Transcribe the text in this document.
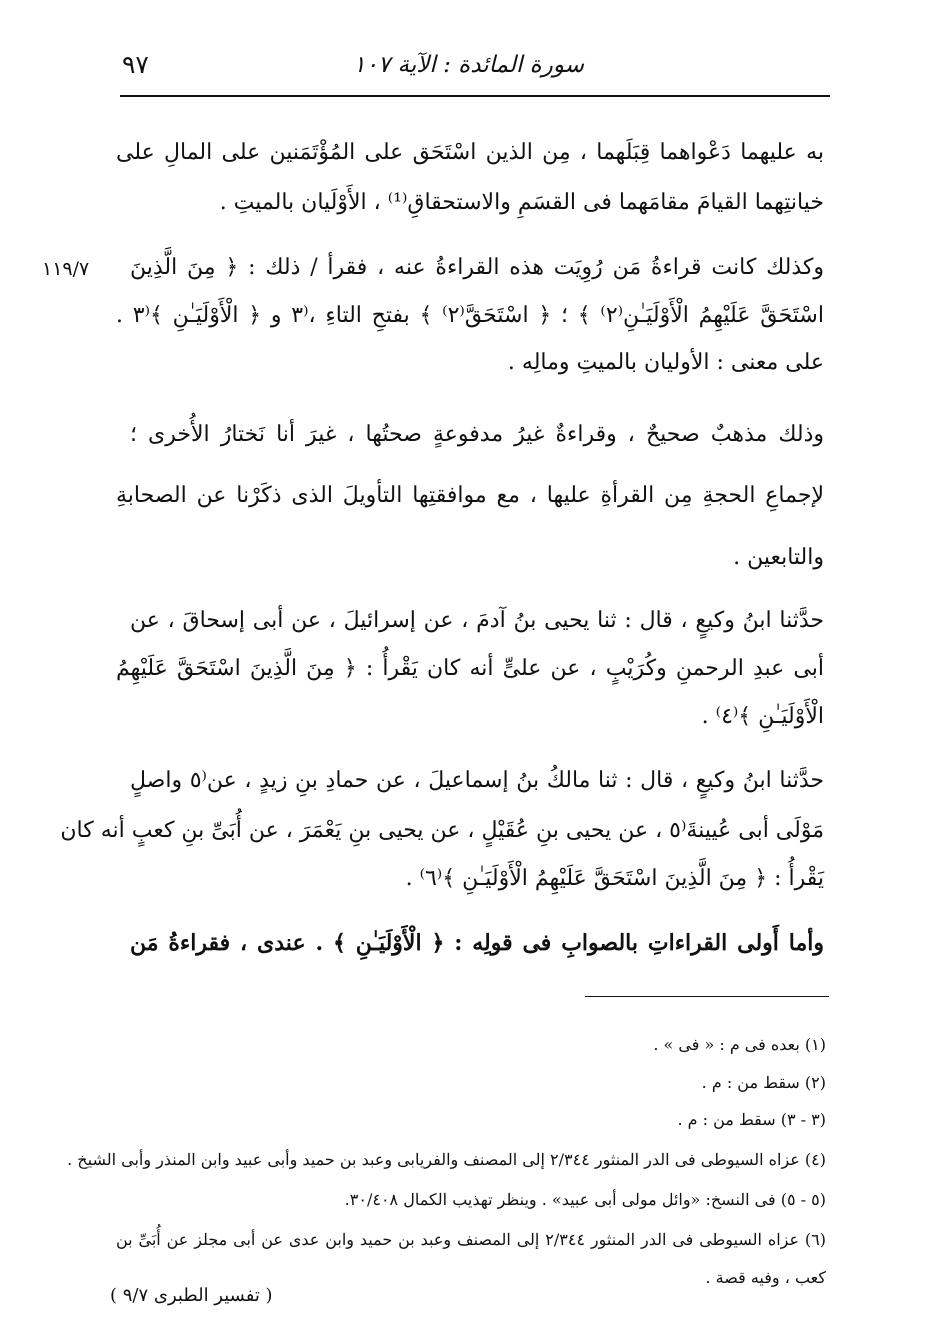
سورة المائدة : الآية ١٠٧
٩٧
١١٩/٧
به عليهما دَعْواهما قِبَلَهما ، مِن الذين اسْتَحَق على المُؤْتَمَنين على المالِ على
خيانتِهما القيامَ مقامَهما فى القسَمِ والاستحقاقِ⁽¹⁾ ، الأَوْلَيان بالميتِ .
وكذلك كانت قراءةُ مَن رُوِيَت هذه القراءةُ عنه ، فقرأ / ذلك : ﴿ مِنَ الَّذِينَ
اسْتَحَقَّ عَلَيْهِمُ الْأَوْلَيَـٰنِ⁽٢⁾ ﴾ ؛ ﴿ اسْتَحَقَّ⁽٢⁾ ﴾ بفتحِ التاءِ ،⁽٣ و ﴿ الْأَوْلَيَـٰنِ ﴾⁽٣ .
على معنى : الأوليان بالميتِ ومالِه .
وذلك مذهبٌ صحيحٌ ، وقراءةٌ غيرُ مدفوعةٍ صحتُها ، غيرَ أنا نَختارُ الأُخرى ؛
لإجماعِ الحجةِ مِن القرأةِ عليها ، مع موافقتِها التأويلَ الذى ذكَرْنا عن الصحابةِ
والتابعين .
حدَّثنا ابنُ وكيعٍ ، قال : ثنا يحيى بنُ آدمَ ، عن إسرائيلَ ، عن أبى إسحاقَ ، عن
أبى عبدِ الرحمنِ وكُرَيْبٍ ، عن علىٍّ أنه كان يَقْرأُ : ﴿ مِنَ الَّذِينَ اسْتَحَقَّ عَلَيْهِمُ
الْأَوْلَيَـٰنِ ﴾⁽٤⁾ .
حدَّثنا ابنُ وكيعٍ ، قال : ثنا مالكُ بنُ إسماعيلَ ، عن حمادِ بنِ زيدٍ ، عن⁽٥ واصلٍ
مَوْلَى أبى عُيينةَ⁽٥ ، عن يحيى بنِ عُقَيْلٍ ، عن يحيى بنِ يَعْمَرَ ، عن أُبَىِّ بنِ كعبٍ أنه كان
يَقْرأُ : ﴿ مِنَ الَّذِينَ اسْتَحَقَّ عَلَيْهِمُ الْأَوْلَيَـٰنِ ﴾⁽٦⁾ .
وأما أَولى القراءاتِ بالصوابِ فى قولِه : ﴿ الْأَوْلَيَـٰنِ ﴾ . عندى ، فقراءةُ مَن
(١) بعده فى م : « فى » .
(٢) سقط من : م .
(٣ - ٣) سقط من : م .
(٤) عزاه السيوطى فى الدر المنثور ٢/٣٤٤ إلى المصنف والفريابى وعبد بن حميد وأبى عبيد وابن المنذر وأبى الشيخ .
(٥ - ٥) فى النسخ: «وائل مولى أبى عبيد» . وينظر تهذيب الكمال ٣٠/٤٠٨.
(٦) عزاه السيوطى فى الدر المنثور ٢/٣٤٤ إلى المصنف وعبد بن حميد وابن عدى عن أبى مجلز عن أُبَىِّ بن
كعب ، وفيه قصة .
( تفسير الطبرى ٩/٧ )
